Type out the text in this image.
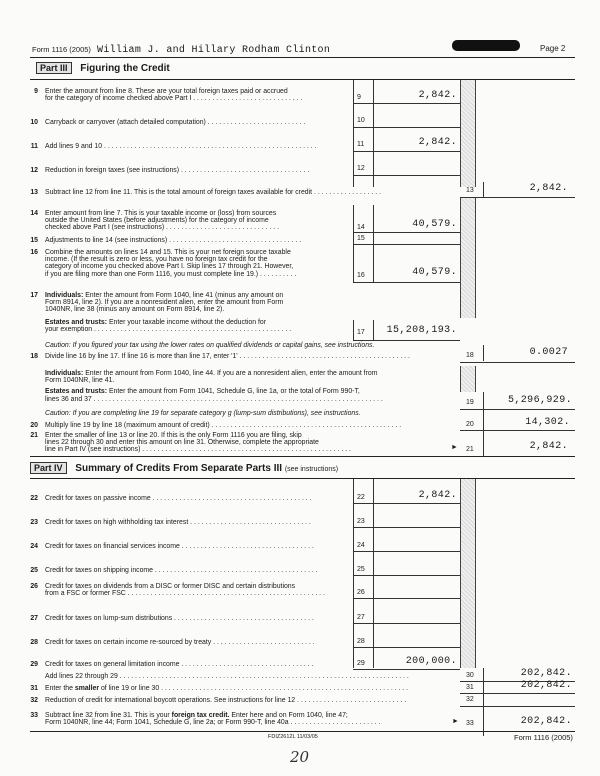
Form 1116 (2005) William J. and Hillary Rodham Clinton	Page 2
Part III Figuring the Credit
9 Enter the amount from line 8. These are your total foreign taxes paid or accrued
for the category of income checked above Part I . . . . . . . . . . . . . . . . . . . . . . . . . . . . .	9	2,842.
10 Carryback or carryover (attach detailed computation) . . . . . . . . . . . . . . . . . . . . . . . . . .	10
11 Add lines 9 and 10 . . . . . . . . . . . . . . . . . . . . . . . . . . . . . . . . . . . . . . . . . . . . . . . . . . . . . . . .	11	2,842.
12 Reduction in foreign taxes (see instructions) . . . . . . . . . . . . . . . . . . . . . . . . . . . . . . . . . .	12
13 Subtract line 12 from line 11. This is the total amount of foreign taxes available for credit . . . . . . . . . . . . . . . . . .	13	2,842.
14 Enter amount from line 7. This is your taxable income or (loss) from sources
outside the United States (before adjustments) for the category of income
checked above Part I (see instructions) . . . . . . . . . . . . . . . . . . . . . . . . . . . . . .	14	40,579.
15 Adjustments to line 14 (see instructions) . . . . . . . . . . . . . . . . . . . . . . . . . . . . . . . . . . .	15
16 Combine the amounts on lines 14 and 15. This is your net foreign source taxable
income. (If the result is zero or less, you have no foreign tax credit for the
category of income you checked above Part I. Skip lines 17 through 21. However,
if you are filing more than one Form 1116, you must complete line 19.) . . . . . . . . . .	16	40,579.
17 Individuals: Enter the amount from Form 1040, line 41 (minus any amount on
Form 8914, line 2). If you are a nonresident alien, enter the amount from Form
1040NR, line 38 (minus any amount on Form 8914, line 2).
Estates and trusts: Enter your taxable income without the deduction for
your exemption . . . . . . . . . . . . . . . . . . . . . . . . . . . . . . . . . . . . . . . . . . . . . . . . . . . .	17	15,208,193.
Caution: If you figured your tax using the lower rates on qualified dividends or capital gains, see instructions.
18 Divide line 16 by line 17. If line 16 is more than line 17, enter '1' . . . . . . . . . . . . . . . . . . . . . . . . . . . . . . . . . . . . . . . . . . . . .	18	0.0027
Individuals: Enter the amount from Form 1040, line 44. If you are a nonresident alien, enter the amount from
Form 1040NR, line 41.
Estates and trusts: Enter the amount from Form 1041, Schedule G, line 1a, or the total of Form 990-T,
lines 36 and 37 . . . . . . . . . . . . . . . . . . . . . . . . . . . . . . . . . . . . . . . . . . . . . . . . . . . . . . . . . . . . . . . . . . . . . . . . . . . .	19	5,296,929.
Caution: If you are completing line 19 for separate category g (lump-sum distributions), see instructions.
20 Multiply line 19 by line 18 (maximum amount of credit) . . . . . . . . . . . . . . . . . . . . . . . . . . . . . . . . . . . . . . . . . . . . . . . . . .	20	14,302.
21 Enter the smaller of line 13 or line 20. If this is the only Form 1116 you are filing, skip
lines 22 through 30 and enter this amount on line 31. Otherwise, complete the appropriate
line in Part IV (see instructions) . . . . . . . . . . . . . . . . . . . . . . . . . . . . . . . . . . . . . . . . . . . . . . . . . . . . . . .	► 21	2,842.
Part IV Summary of Credits From Separate Parts III (see instructions)
22 Credit for taxes on passive income . . . . . . . . . . . . . . . . . . . . . . . . . . . . . . . . . . . . . . . . . .	22	2,842.
23 Credit for taxes on high withholding tax interest . . . . . . . . . . . . . . . . . . . . . . . . . . . . . . . .	23
24 Credit for taxes on financial services income . . . . . . . . . . . . . . . . . . . . . . . . . . . . . . . . . . .	24
25 Credit for taxes on shipping income . . . . . . . . . . . . . . . . . . . . . . . . . . . . . . . . . . . . . . . . . . .	25
26 Credit for taxes on dividends from a DISC or former DISC and certain distributions
from a FSC or former FSC . . . . . . . . . . . . . . . . . . . . . . . . . . . . . . . . . . . . . . . . . . . . . . . . . . . .	26
27 Credit for taxes on lump-sum distributions . . . . . . . . . . . . . . . . . . . . . . . . . . . . . . . . . . . . .	27
28 Credit for taxes on certain income re-sourced by treaty . . . . . . . . . . . . . . . . . . . . . . . . . . .	28
29 Credit for taxes on general limitation income . . . . . . . . . . . . . . . . . . . . . . . . . . . . . . . . . . .	29	200,000.
Add lines 22 through 29 . . . . . . . . . . . . . . . . . . . . . . . . . . . . . . . . . . . . . . . . . . . . . . . . . . . . . . . . . . . . . . . . . . . . . . . . . . . .	30	202,842.
31 Enter the smaller of line 19 or line 30 . . . . . . . . . . . . . . . . . . . . . . . . . . . . . . . . . . . . . . . . . . . . . . . . . . . . . . . . . . . . . . . . .	31	202,842.
32 Reduction of credit for international boycott operations. See instructions for line 12 . . . . . . . . . . . . . . . . . . . . . . . . . . . . .	32
33 Subtract line 32 from line 31. This is your foreign tax credit. Enter here and on Form 1040, line 47;
Form 1040NR, line 44; Form 1041, Schedule G, line 2a; or Form 990-T, line 40a . . . . . . . . . . . . . . . . . . . . . . . .	► 33	202,842.
FDIZ2612L 11/03/05	Form 1116 (2005)
20
